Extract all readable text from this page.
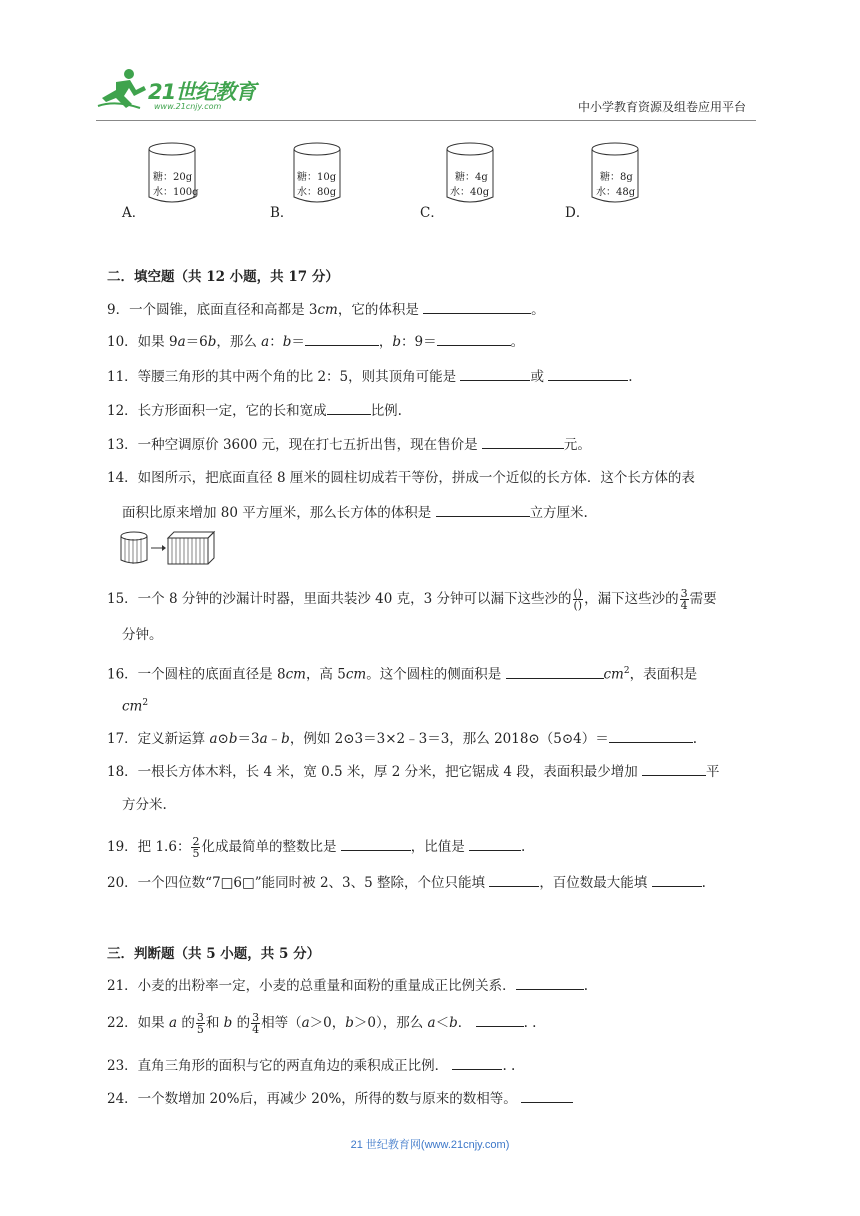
21世纪教育
www.21cnjy.com	中小学教育资源及组卷应用平台
A．
糖：20g
水：100g
B．
糖：10g
水：80g
C．
糖：4g
水：40g
D．
糖：8g
水：48g
二．填空题（共 12 小题，共 17 分）
9．一个圆锥，底面直径和高都是 3cm，它的体积是	。
10．如果 9a＝6b，那么 a：b＝	，b：9＝	。
11．等腰三角形的其中两个角的比 2：5，则其顶角可能是	或	.
12．长方形面积一定，它的长和宽成	比例.
13．一种空调原价 3600 元，现在打七五折出售，现在售价是	元。
14．如图所示，把底面直径 8 厘米的圆柱切成若干等份，拼成一个近似的长方体．这个长方体的表
面积比原来增加 80 平方厘米，那么长方体的体积是	立方厘米.
15．一个 8 分钟的沙漏计时器，里面共装沙 40 克，3 分钟可以漏下这些沙的 $\frac{()}{()}$ ，漏下这些沙的 $\frac{3}{4}$ 需要
分钟。
16．一个圆柱的底面直径是 8cm，高 5cm。这个圆柱的侧面积是	$cm^2$，表面积是
$cm^2$
17．定义新运算 a⊙b＝3a﹣b，例如 2⊙3＝3×2﹣3＝3，那么 2018⊙（5⊙4）＝	.
18．一根长方体木料，长 4 米，宽 0.5 米，厚 2 分米，把它锯成 4 段，表面积最少增加	平
方分米.
19．把 1.6： $\frac{2}{5}$ 化成最简单的整数比是	，比值是	.
20．一个四位数“7□6□”能同时被 2、3、5 整除，个位只能填	，百位数最大能填	.
三．判断题（共 5 小题，共 5 分）
21．小麦的出粉率一定，小麦的总重量和面粉的重量成正比例关系．	.
22．如果 a 的 $\frac{3}{5}$ 和 b 的 $\frac{3}{4}$ 相等（a＞0，b＞0），那么 a＜b．	. .
23．直角三角形的面积与它的两直角边的乘积成正比例．	. .
24．一个数增加 20%后，再减少 20%，所得的数与原来的数相等。
21 世纪教育网(www.21cnjy.com)
